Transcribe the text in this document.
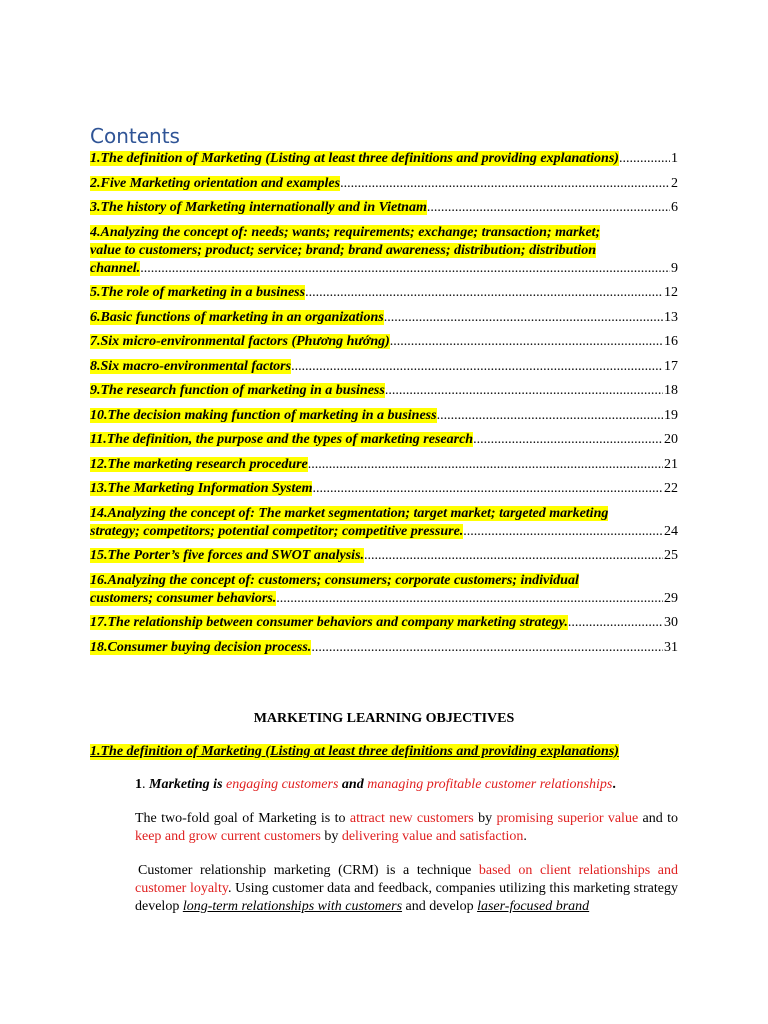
Contents
1.The definition of Marketing (Listing at least three definitions and providing explanations) .....	1
2.Five Marketing orientation and examples .....	2
3.The history of Marketing internationally and in Vietnam .....	6
4.Analyzing the concept of: needs; wants; requirements; exchange; transaction; market;
value to customers; product; service; brand; brand awareness; distribution; distribution
channel. .....	9
5.The role of marketing in a business .....	12
6.Basic functions of marketing in an organizations .....	13
7.Six micro-environmental factors (Phương hướng) .....	16
8.Six macro-environmental factors .....	17
9.The research function of marketing in a business .....	18
10.The decision making function of marketing in a business .....	19
11.The definition, the purpose and the types of marketing research .....	20
12.The marketing research procedure .....	21
13.The Marketing Information System .....	22
14.Analyzing the concept of: The market segmentation; target market; targeted marketing
strategy; competitors; potential competitor; competitive pressure. .....	24
15.The Porter’s five forces and SWOT analysis. .....	25
16.Analyzing the concept of: customers; consumers; corporate customers; individual
customers; consumer behaviors. .....	29
17.The relationship between consumer behaviors and company marketing strategy. .....	30
18.Consumer buying decision process. .....	31
MARKETING LEARNING OBJECTIVES
1.The definition of Marketing (Listing at least three definitions and providing explanations)
1. Marketing is engaging customers and managing profitable customer relationships.
The two-fold goal of Marketing is to attract new customers by promising superior value and to keep and grow current customers by delivering value and satisfaction.
Customer relationship marketing (CRM) is a technique based on client relationships and customer loyalty. Using customer data and feedback, companies utilizing this marketing strategy develop long-term relationships with customers and develop laser-focused brand
